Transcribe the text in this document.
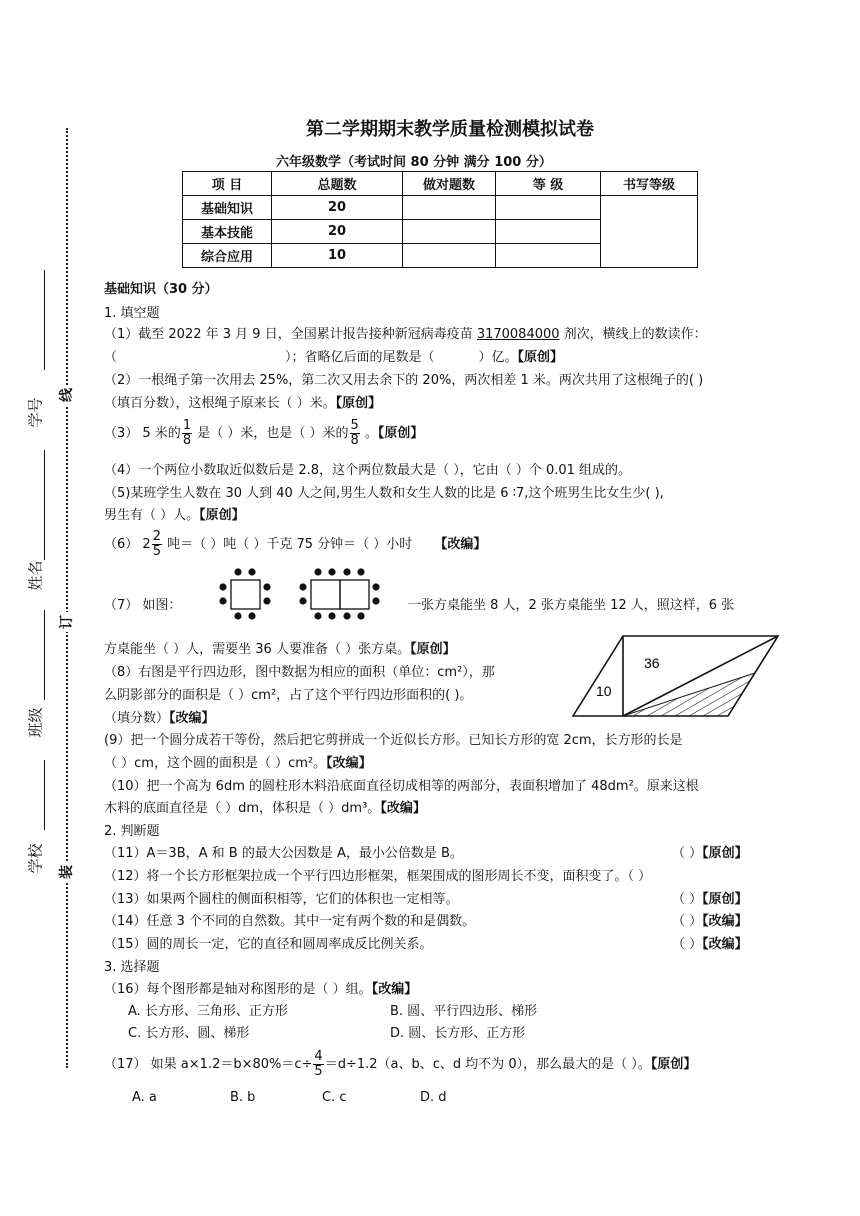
线
订
装
学号
姓名
班级
学校
第二学期期末教学质量检测模拟试卷
六年级数学（考试时间 80 分钟 满分 100 分）
项 目	总题数	做对题数	等 级	书写等级
基础知识	20			
基本技能	20			
综合应用	10			
基础知识（30 分）
1. 填空题
（1）截至 2022 年 3 月 9 日，全国累计报告接种新冠病毒疫苗 3170084000 剂次，横线上的数读作：
（	）；省略亿后面的尾数是（	）亿。【原创】
（2）一根绳子第一次用去 25%，第二次又用去余下的 20%，两次相差 1 米。两次共用了这根绳子的( )
（填百分数），这根绳子原来长（ ）米。【原创】
（3） 5 米的 $\frac{1}{8}$ 是（ ）米，也是（ ）米的 $\frac{5}{8}$ 。【原创】
（4）一个两位小数取近似数后是 2.8，这个两位数最大是（ ），它由（ ）个 0.01 组成的。
（5)某班学生人数在 30 人到 40 人之间,男生人数和女生人数的比是 6 ∶7,这个班男生比女生少( ),
男生有（ ）人。【原创】
（6） $2 \frac{2}{5}$ 吨＝（ ）吨（ ）千克 75 分钟＝（ ）小时 【改编】
（7） 如图：	一张方桌能坐 8 人，2 张方桌能坐 12 人，照这样，6 张
方桌能坐（ ）人，需要坐 36 人要准备（ ）张方桌。【原创】
（8）右图是平行四边形，图中数据为相应的面积（单位：cm²），那
么阴影部分的面积是（ ）cm²，占了这个平行四边形面积的( )。
（填分数）【改编】
10
36
(9）把一个圆分成若干等份，然后把它剪拼成一个近似长方形。已知长方形的宽 2cm，长方形的长是
（ ）cm，这个圆的面积是（ ）cm²。【改编】
（10）把一个高为 6dm 的圆柱形木料沿底面直径切成相等的两部分，表面积增加了 48dm²。原来这根
木料的底面直径是（ ）dm，体积是（ ）dm³。【改编】
2. 判断题
（11）A＝3B，A 和 B 的最大公因数是 A，最小公倍数是 B。	（ ）【原创】
（12）将一个长方形框架拉成一个平行四边形框架，框架围成的图形周长不变，面积变了。（ ）
（13）如果两个圆柱的侧面积相等，它们的体积也一定相等。	（ ）【原创】
（14）任意 3 个不同的自然数。其中一定有两个数的和是偶数。	（ ）【改编】
（15）圆的周长一定，它的直径和圆周率成反比例关系。	（ ）【改编】
3. 选择题
（16）每个图形都是轴对称图形的是（ ）组。【改编】
A. 长方形、三角形、正方形	B. 圆、平行四边形、梯形
C. 长方形、圆、梯形	D. 圆、长方形、正方形
（17） 如果 $a\times 1.2=b\times 80\%=c\div \frac{4}{5} =d\div 1.2(a$、b、c、d 均不为 0），那么最大的是（ ）。【原创】
A. a	B. b	C. c	D. d
